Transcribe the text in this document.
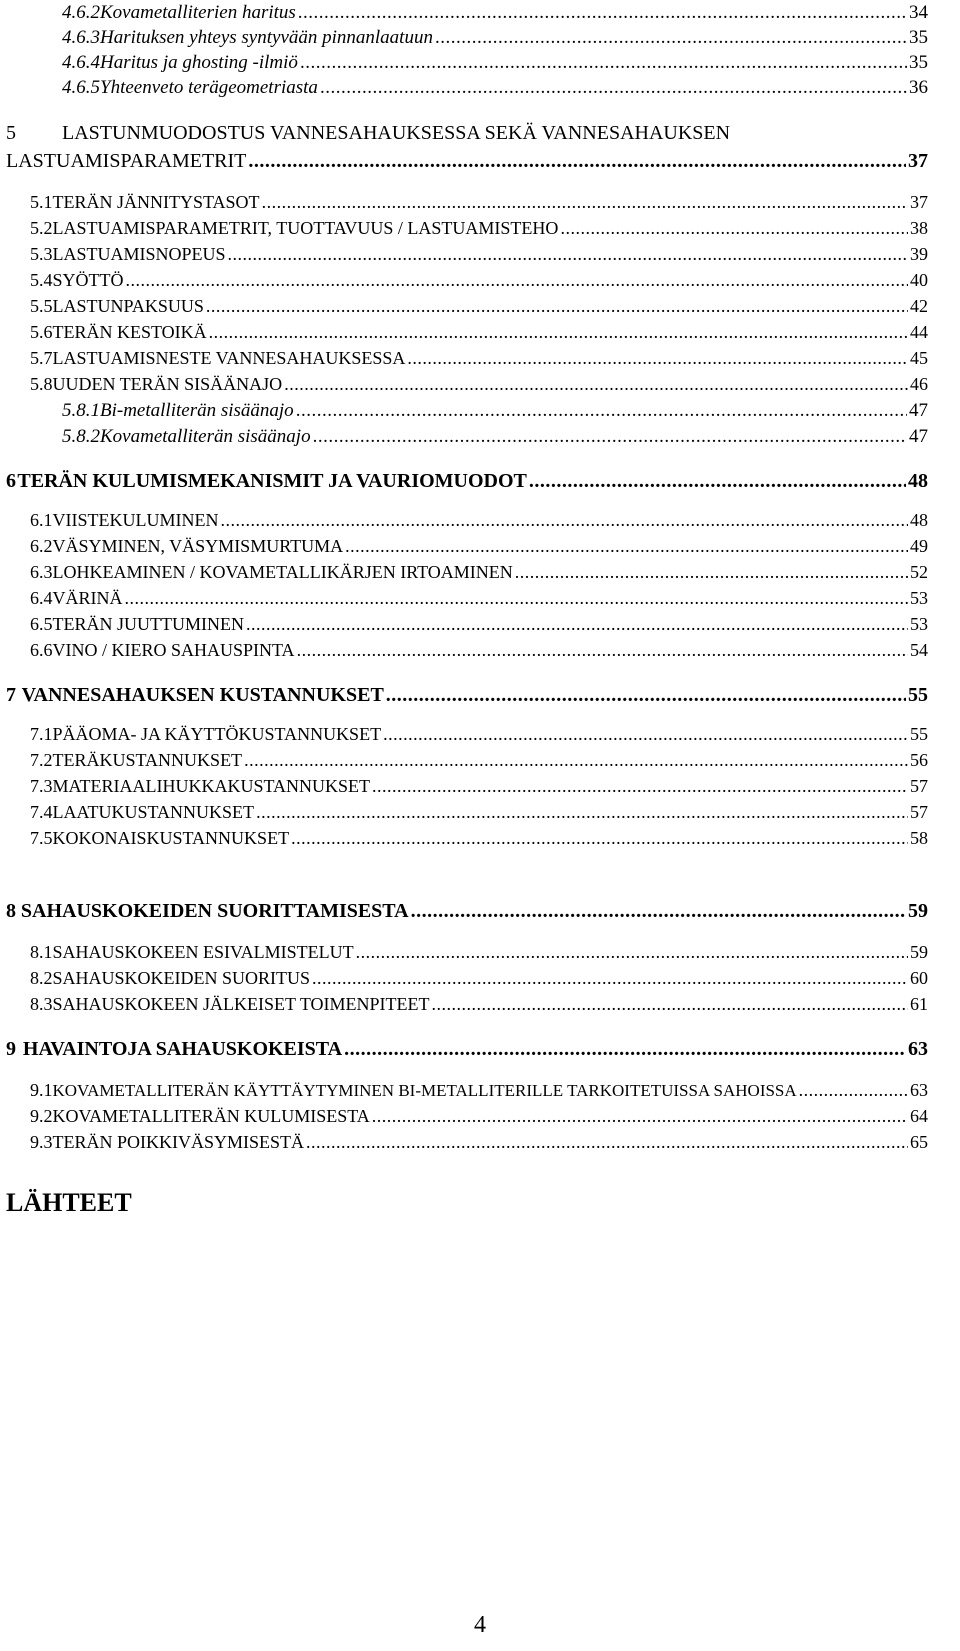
4.6.2 Kovametalliterien haritus .....	34
4.6.3 Harituksen yhteys syntyvään pinnanlaatuun .....	35
4.6.4 Haritus ja ghosting -ilmiö .....	35
4.6.5 Yhteenveto terägeometriasta .....	36
5 LASTUNMUODOSTUS VANNESAHAUKSESSA SEKÄ VANNESAHAUKSEN
LASTUAMISPARAMETRIT .....	37
5.1 TERÄN JÄNNITYSTASOT .....	37
5.2 LASTUAMISPARAMETRIT, TUOTTAVUUS / LASTUAMISTEHO .....	38
5.3 LASTUAMISNOPEUS .....	39
5.4 SYÖTTÖ .....	40
5.5 LASTUNPAKSUUS .....	42
5.6 TERÄN KESTOIKÄ .....	44
5.7 LASTUAMISNESTE VANNESAHAUKSESSA .....	45
5.8 UUDEN TERÄN SISÄÄNAJO .....	46
5.8.1 Bi-metalliterän sisäänajo .....	47
5.8.2 Kovametalliterän sisäänajo .....	47
6 TERÄN KULUMISMEKANISMIT JA VAURIOMUODOT .....	48
6.1 VIISTEKULUMINEN .....	48
6.2 VÄSYMINEN, VÄSYMISMURTUMA .....	49
6.3 LOHKEAMINEN / KOVAMETALLIKÄRJEN IRTOAMINEN .....	52
6.4 VÄRINÄ .....	53
6.5 TERÄN JUUTTUMINEN .....	53
6.6 VINO / KIERO SAHAUSPINTA .....	54
7 VANNESAHAUKSEN KUSTANNUKSET .....	55
7.1 PÄÄOMA- JA KÄYTTÖKUSTANNUKSET .....	55
7.2 TERÄKUSTANNUKSET .....	56
7.3 MATERIAALIHUKKAKUSTANNUKSET .....	57
7.4 LAATUKUSTANNUKSET .....	57
7.5 KOKONAISKUSTANNUKSET .....	58
8 SAHAUSKOKEIDEN SUORITTAMISESTA .....	59
8.1 SAHAUSKOKEEN ESIVALMISTELUT .....	59
8.2 SAHAUSKOKEIDEN SUORITUS .....	60
8.3 SAHAUSKOKEEN JÄLKEISET TOIMENPITEET .....	61
9 HAVAINTOJA SAHAUSKOKEISTA .....	63
9.1 KOVAMETALLITERÄN KÄYTTÄYTYMINEN BI-METALLITERILLE TARKOITETUISSA SAHOISSA .....	63
9.2 KOVAMETALLITERÄN KULUMISESTA .....	64
9.3 TERÄN POIKKIVÄSYMISESTÄ .....	65
LÄHTEET
4
